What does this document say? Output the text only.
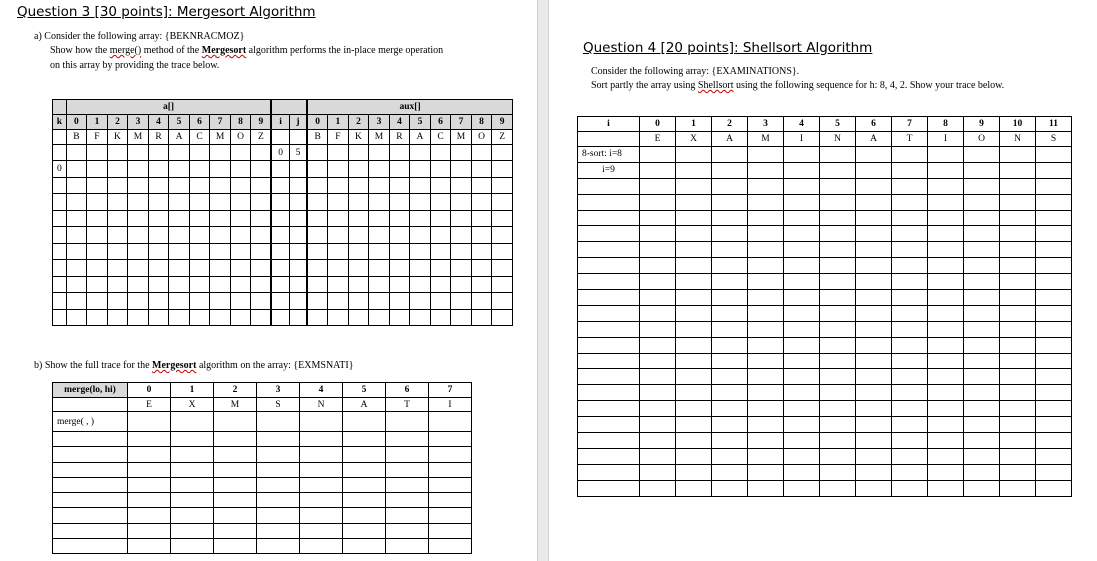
Question 3 [30 points]: Mergesort Algorithm
a) Consider the following array: {BEKNRACMOZ}
Show how the merge() method of the Mergesort algorithm performs the in-place merge operation
on this array by providing the trace below.
	a[]												aux[]									
k	0	1	2	3	4	5	6	7	8	9	i	j	0	1	2	3	4	5	6	7	8	9
	B	F	K	M	R	A	C	M	O	Z			B	F	K	M	R	A	C	M	O	Z
											0	5										
0																						

b) Show the full trace for the Mergesort algorithm on the array: {EXMSNATI}
merge(lo, hi)	0	1	2	3	4	5	6	7
	E	X	M	S	N	A	T	I
merge( , )								

Question 4 [20 points]: Shellsort Algorithm
Consider the following array: {EXAMINATIONS}.
Sort partly the array using Shellsort using the following sequence for h: 8, 4, 2. Show your trace below.
i	0	1	2	3	4	5	6	7	8	9	10	11
	E	X	A	M	I	N	A	T	I	O	N	S
8-sort: i=8												
i=9												
